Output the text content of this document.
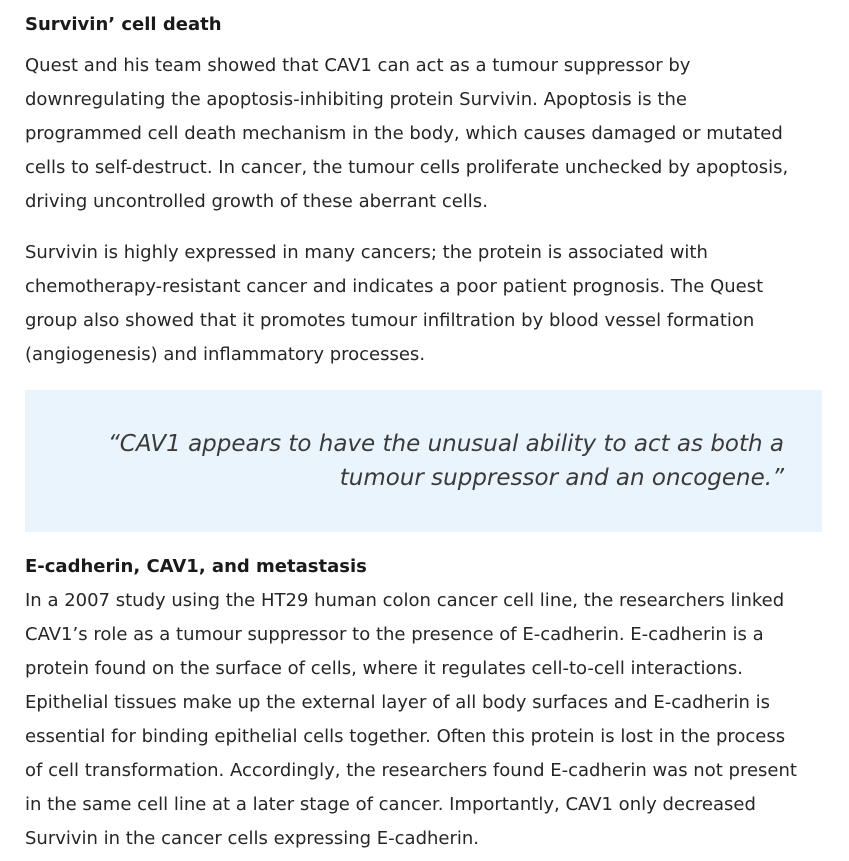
Survivin’ cell death

Quest and his team showed that CAV1 can act as a tumour suppressor by
downregulating the apoptosis-inhibiting protein Survivin. Apoptosis is the
programmed cell death mechanism in the body, which causes damaged or mutated
cells to self-destruct. In cancer, the tumour cells proliferate unchecked by apoptosis,
driving uncontrolled growth of these aberrant cells.

Survivin is highly expressed in many cancers; the protein is associated with
chemotherapy-resistant cancer and indicates a poor patient prognosis. The Quest
group also showed that it promotes tumour infiltration by blood vessel formation
(angiogenesis) and inflammatory processes.

“CAV1 appears to have the unusual ability to act as both a
tumour suppressor and an oncogene.”
E-cadherin, CAV1, and metastasis

In a 2007 study using the HT29 human colon cancer cell line, the researchers linked
CAV1’s role as a tumour suppressor to the presence of E-cadherin. E-cadherin is a
protein found on the surface of cells, where it regulates cell-to-cell interactions.
Epithelial tissues make up the external layer of all body surfaces and E-cadherin is
essential for binding epithelial cells together. Often this protein is lost in the process
of cell transformation. Accordingly, the researchers found E-cadherin was not present
in the same cell line at a later stage of cancer. Importantly, CAV1 only decreased
Survivin in the cancer cells expressing E-cadherin.
